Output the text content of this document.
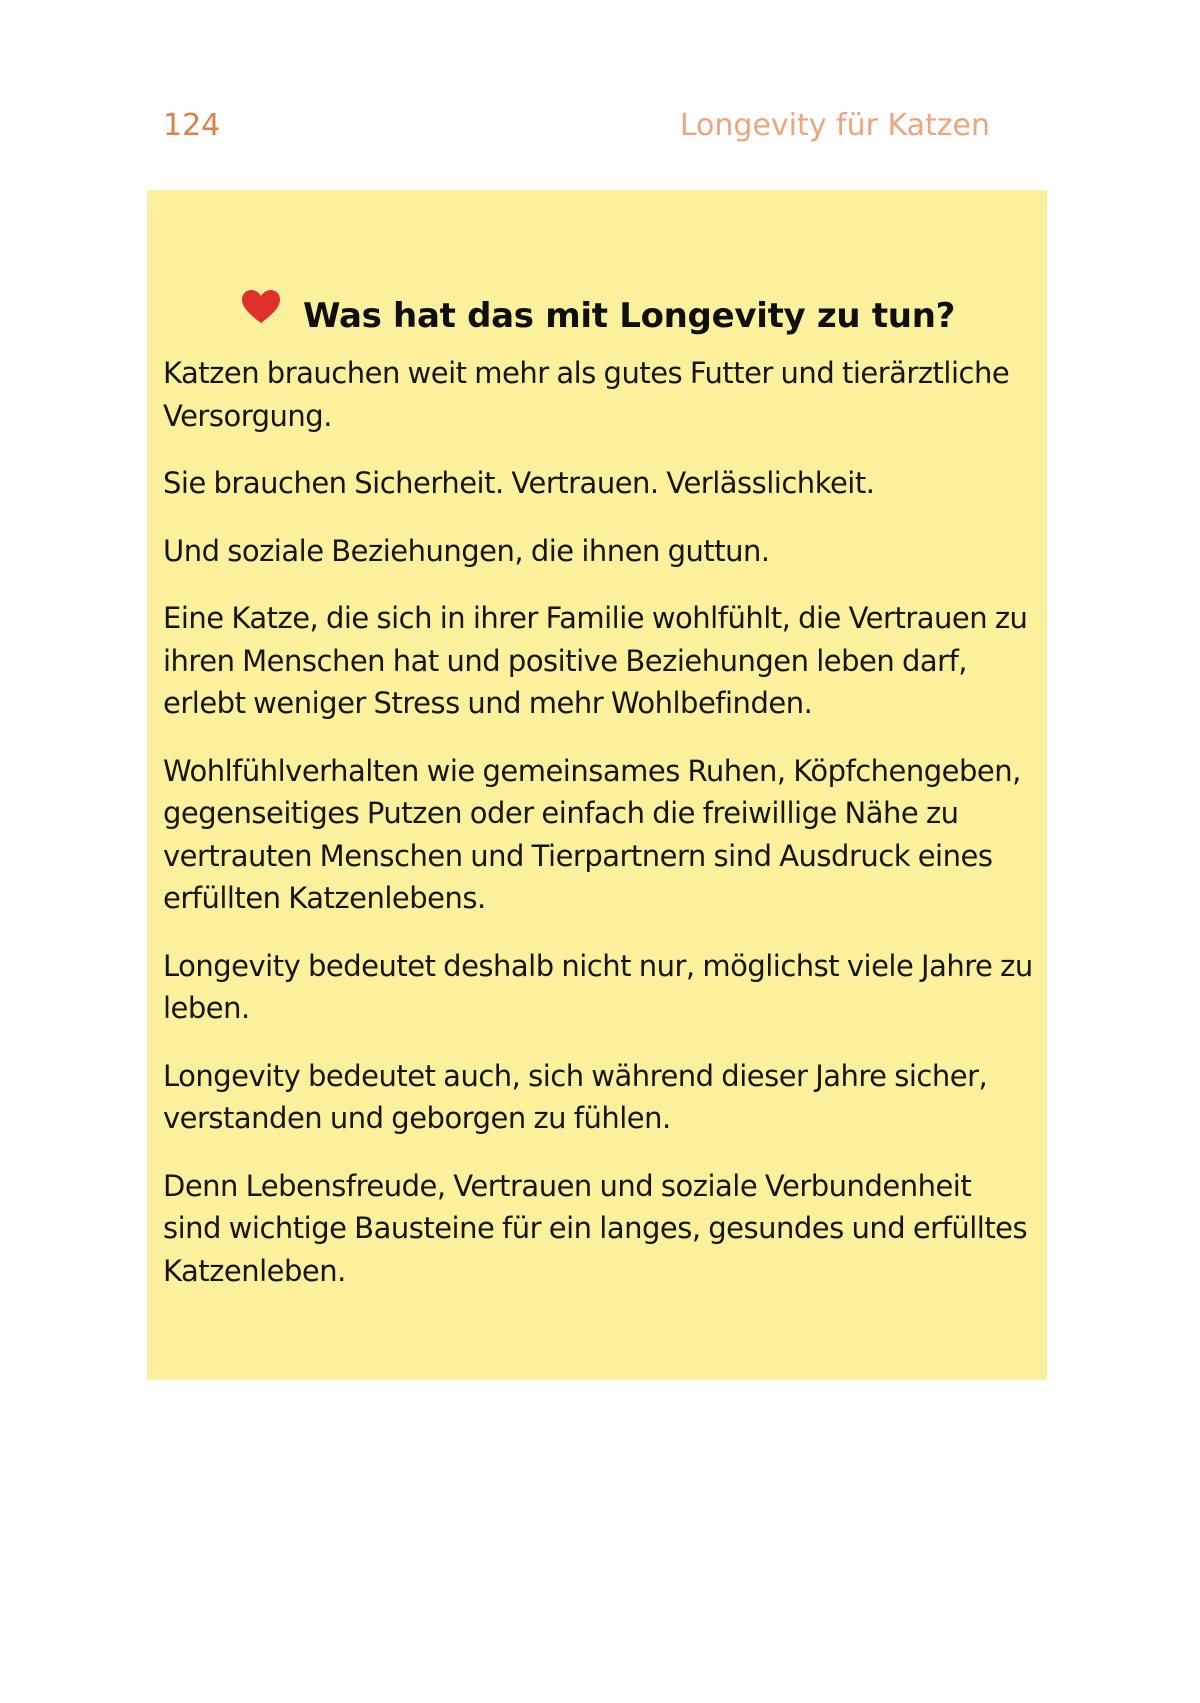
124	Longevity für Katzen
Was hat das mit Longevity zu tun?

Katzen brauchen weit mehr als gutes Futter und tierärztliche Versorgung.

Sie brauchen Sicherheit. Vertrauen. Verlässlichkeit.

Und soziale Beziehungen, die ihnen guttun.

Eine Katze, die sich in ihrer Familie wohlfühlt, die Vertrauen zu ihren Menschen hat und positive Beziehungen leben darf, erlebt weniger Stress und mehr Wohlbefinden.

Wohlfühlverhalten wie gemeinsames Ruhen, Köpfchengeben, gegenseitiges Putzen oder einfach die freiwillige Nähe zu vertrauten Menschen und Tierpartnern sind Ausdruck eines erfüllten Katzenlebens.

Longevity bedeutet deshalb nicht nur, möglichst viele Jahre zu leben.

Longevity bedeutet auch, sich während dieser Jahre sicher, verstanden und geborgen zu fühlen.

Denn Lebensfreude, Vertrauen und soziale Verbundenheit sind wichtige Bausteine für ein langes, gesundes und erfülltes Katzenleben.
